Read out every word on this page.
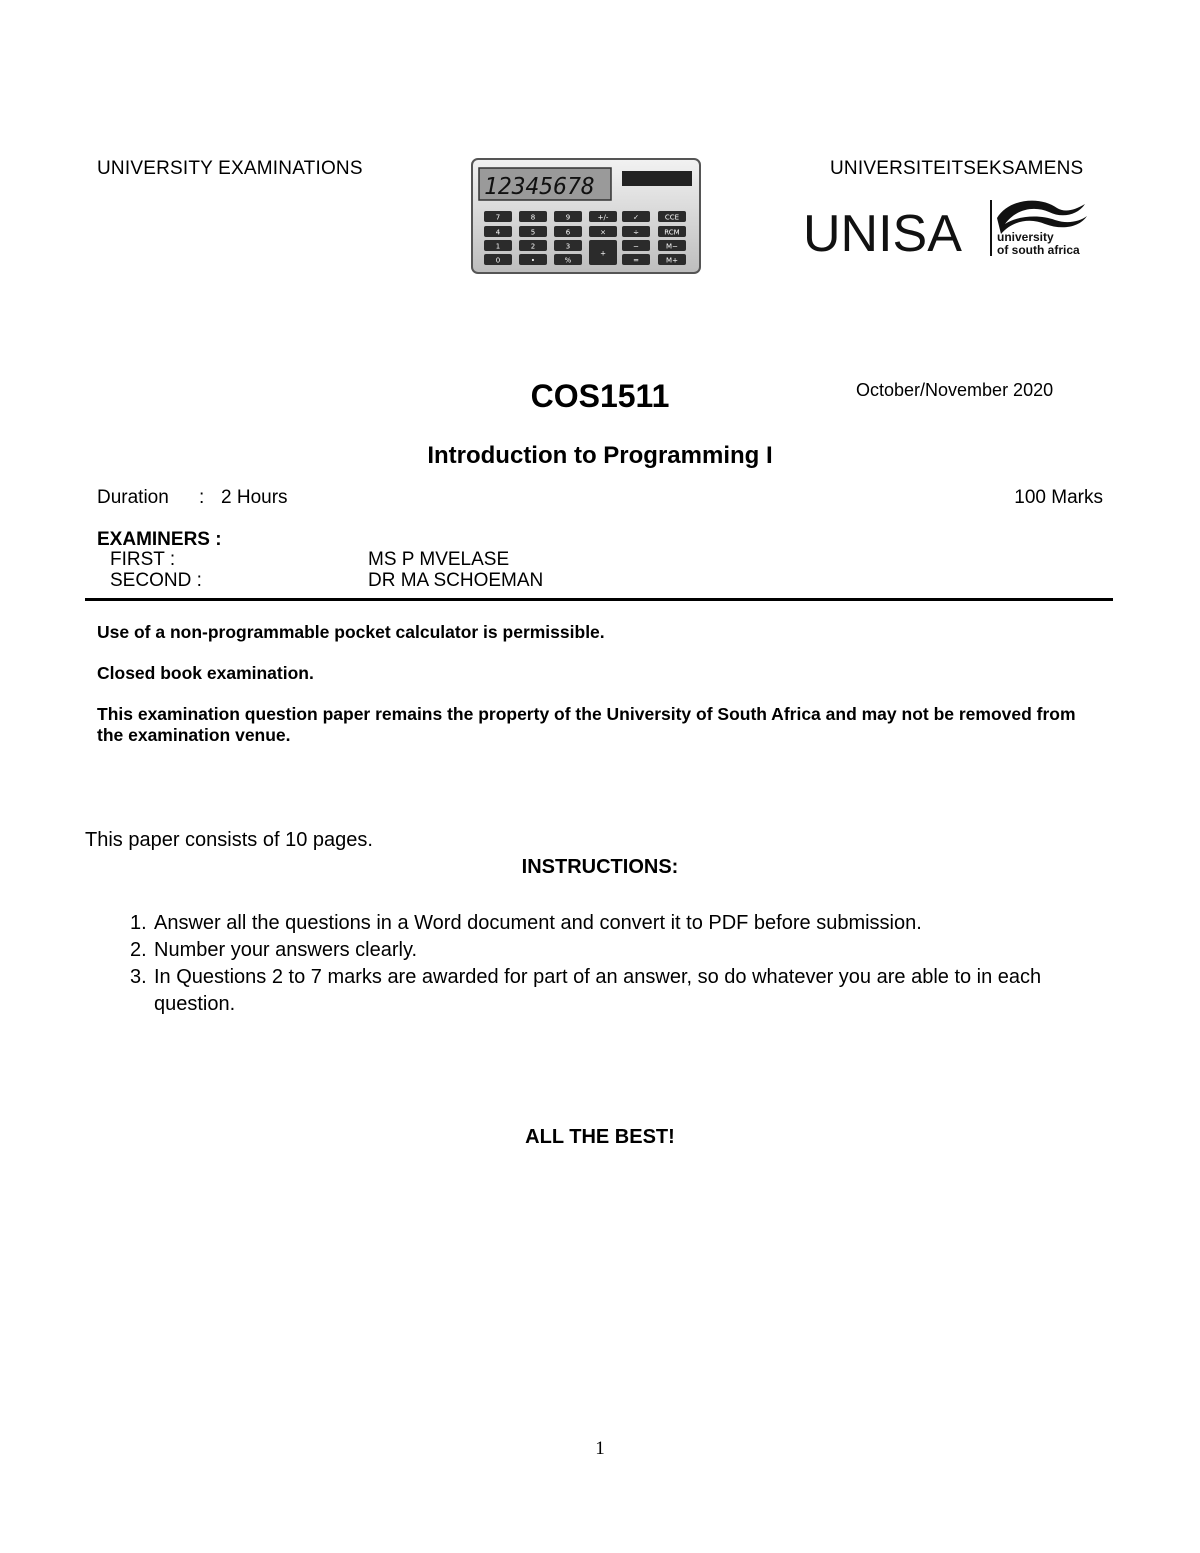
UNIVERSITY EXAMINATIONS	UNIVERSITEITSEKSAMENS
12345678
7	8	9	+/-	✓	CCE
4	5	6	×	÷	RCM
1	2	3	−	M−
0	•	%
+
=	M+ UNISA	university
of south africa
COS1511	October/November 2020
Introduction to Programming I
Duration : 2 Hours	100 Marks
EXAMINERS :
FIRST :	MS P MVELASE
SECOND :	DR MA SCHOEMAN
Use of a non-programmable pocket calculator is permissible.
Closed book examination.
This examination question paper remains the property of the University of South Africa and may not be removed from the examination venue.
This paper consists of 10 pages.
INSTRUCTIONS:
1. Answer all the questions in a Word document and convert it to PDF before submission.
2. Number your answers clearly.
3. In Questions 2 to 7 marks are awarded for part of an answer, so do whatever you are able to in each question.
ALL THE BEST!
1
